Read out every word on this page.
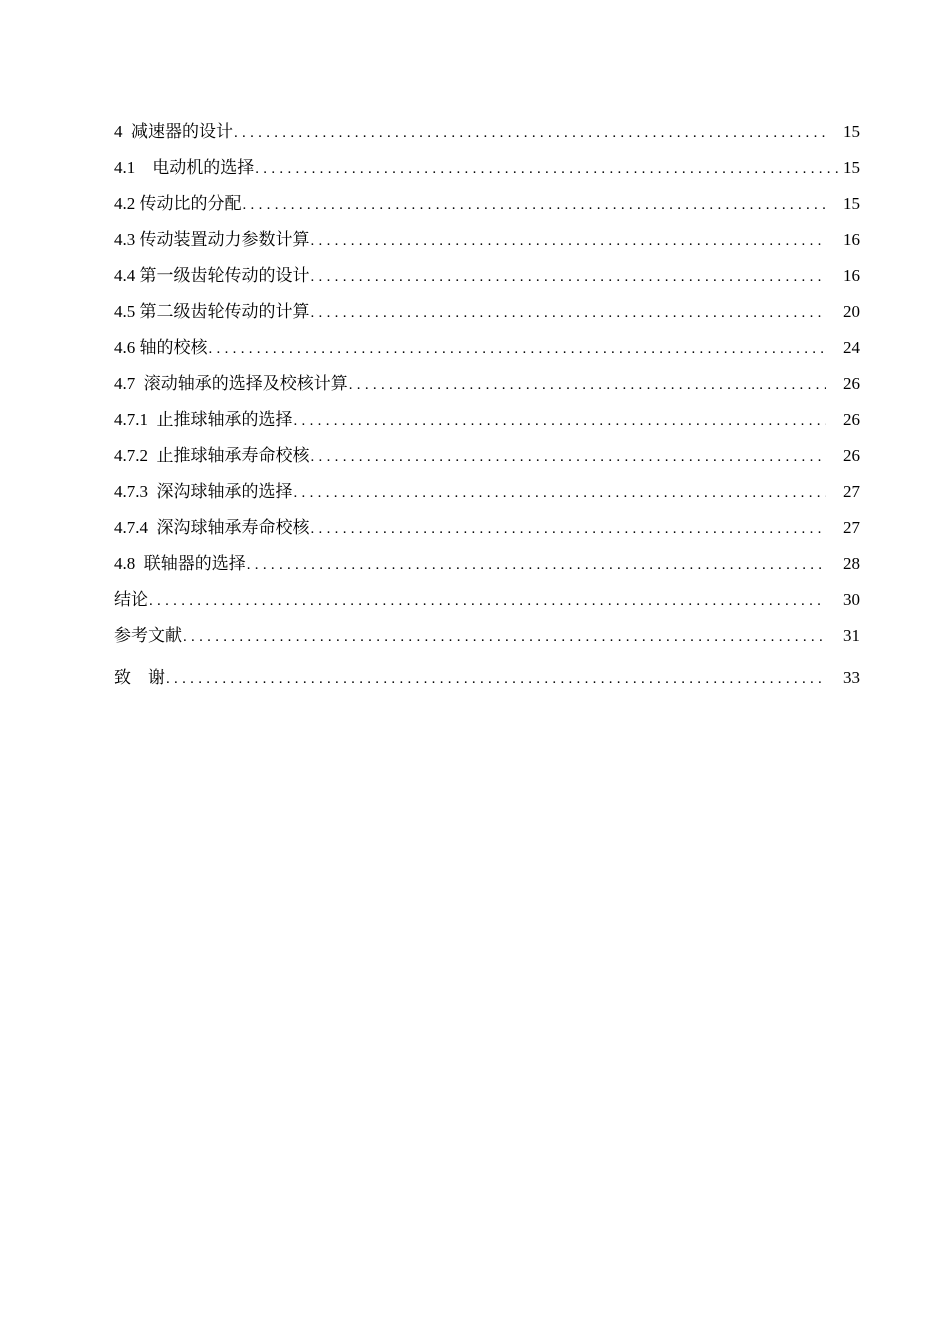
4  减速器的设计 .....	15
4.1    电动机的选择 .....	15
4.2 传动比的分配 .....	15
4.3 传动装置动力参数计算 .....	16
4.4 第一级齿轮传动的设计 .....	16
4.5 第二级齿轮传动的计算 .....	20
4.6 轴的校核 .....	24
4.7  滚动轴承的选择及校核计算 .....	26
4.7.1  止推球轴承的选择 .....	26
4.7.2  止推球轴承寿命校核 .....	26
4.7.3  深沟球轴承的选择 .....	27
4.7.4  深沟球轴承寿命校核 .....	27
4.8  联轴器的选择 .....	28
结论 .....	30
参考文献 .....	31
致    谢 .....	33
